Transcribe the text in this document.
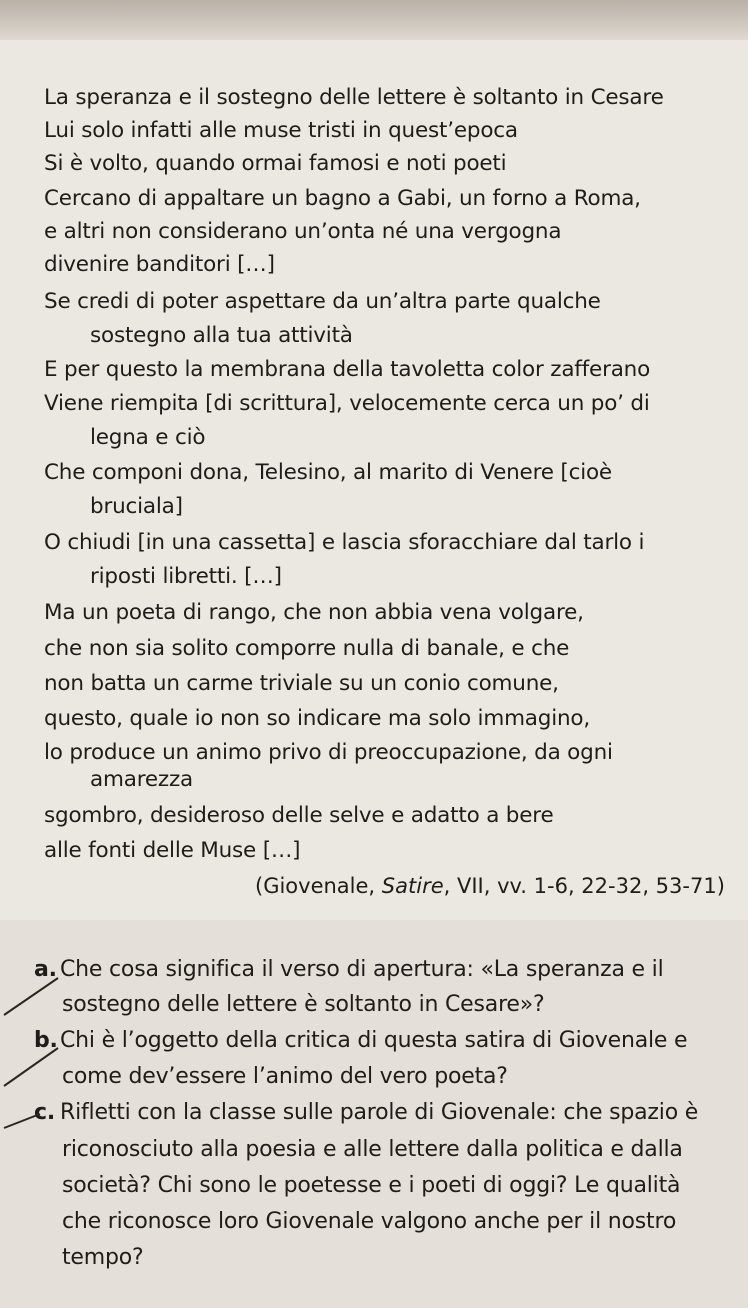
La speranza e il sostegno delle lettere è soltanto in Cesare

Lui solo infatti alle muse tristi in quest’epoca

Si è volto, quando ormai famosi e noti poeti

Cercano di appaltare un bagno a Gabi, un forno a Roma,

e altri non considerano un’onta né una vergogna

divenire banditori […]

Se credi di poter aspettare da un’altra parte qualche

sostegno alla tua attività

E per questo la membrana della tavoletta color zafferano

Viene riempita [di scrittura], velocemente cerca un po’ di

legna e ciò

Che componi dona, Telesino, al marito di Venere [cioè

bruciala]

O chiudi [in una cassetta] e lascia sforacchiare dal tarlo i

riposti libretti. […]

Ma un poeta di rango, che non abbia vena volgare,

che non sia solito comporre nulla di banale, e che

non batta un carme triviale su un conio comune,

questo, quale io non so indicare ma solo immagino,

lo produce un animo privo di preoccupazione, da ogni

amarezza

sgombro, desideroso delle selve e adatto a bere

alle fonti delle Muse […]

(Giovenale, Satire, VII, vv. 1-6, 22-32, 53-71)

a. Che cosa significa il verso di apertura: «La speranza e il

sostegno delle lettere è soltanto in Cesare»?

b. Chi è l’oggetto della critica di questa satira di Giovenale e

come dev’essere l’animo del vero poeta?

c. Rifletti con la classe sulle parole di Giovenale: che spazio è

riconosciuto alla poesia e alle lettere dalla politica e dalla

società? Chi sono le poetesse e i poeti di oggi? Le qualità

che riconosce loro Giovenale valgono anche per il nostro

tempo?
